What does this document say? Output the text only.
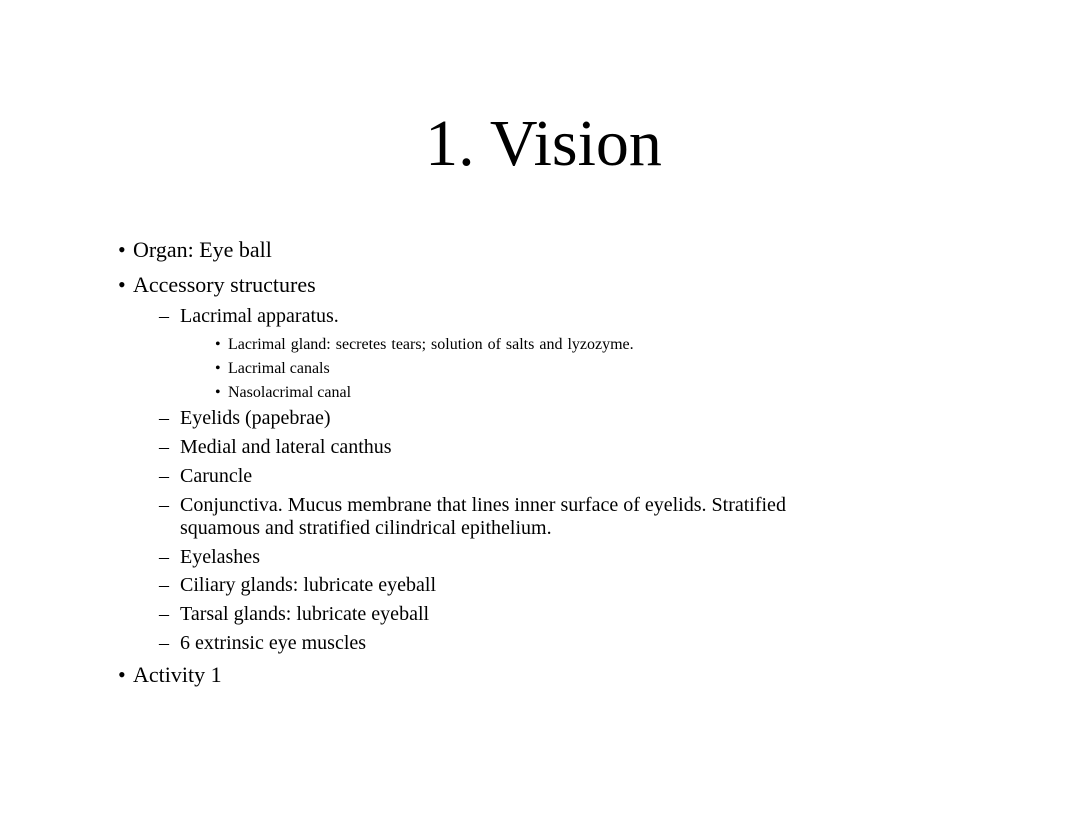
1. Vision
• Organ: Eye ball
• Accessory structures
– Lacrimal apparatus.
• Lacrimal gland: secretes tears; solution of salts and lyzozyme.
• Lacrimal canals
• Nasolacrimal canal
– Eyelids (papebrae)
– Medial and lateral canthus
– Caruncle
– Conjunctiva. Mucus membrane that lines inner surface of eyelids. Stratified
squamous and stratified cilindrical epithelium.
– Eyelashes
– Ciliary glands: lubricate eyeball
– Tarsal glands: lubricate eyeball
– 6 extrinsic eye muscles
• Activity 1
